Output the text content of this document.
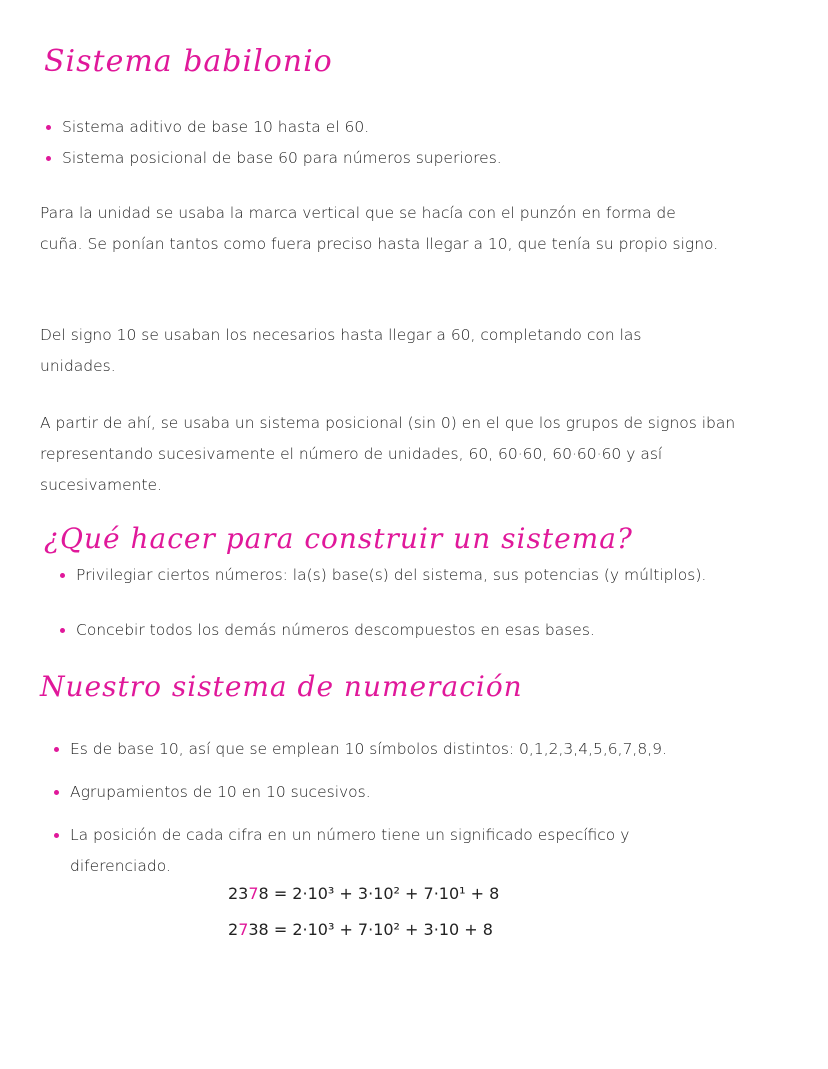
Sistema babilonio
Sistema aditivo de base 10 hasta el 60.
Sistema posicional de base 60 para números superiores.
Para la unidad se usaba la marca vertical que se hacía con el punzón en forma de cuña. Se ponían tantos como fuera preciso hasta llegar a 10, que tenía su propio signo.
Del signo 10 se usaban los necesarios hasta llegar a 60, completando con las unidades.
A partir de ahí, se usaba un sistema posicional (sin 0) en el que los grupos de signos iban representando sucesivamente el número de unidades, 60, 60·60, 60·60·60 y así sucesivamente.
¿Qué hacer para construir un sistema?
Privilegiar ciertos números: la(s) base(s) del sistema, sus potencias (y múltiplos).
Concebir todos los demás números descompuestos en esas bases.
Nuestro sistema de numeración
Es de base 10, así que se emplean 10 símbolos distintos: 0,1,2,3,4,5,6,7,8,9.
Agrupamientos de 10 en 10 sucesivos.
La posición de cada cifra en un número tiene un significado específico y diferenciado.
2378 = 2·10³ + 3·10² + 7·10¹ + 8
2738 = 2·10³ + 7·10² + 3·10 + 8
